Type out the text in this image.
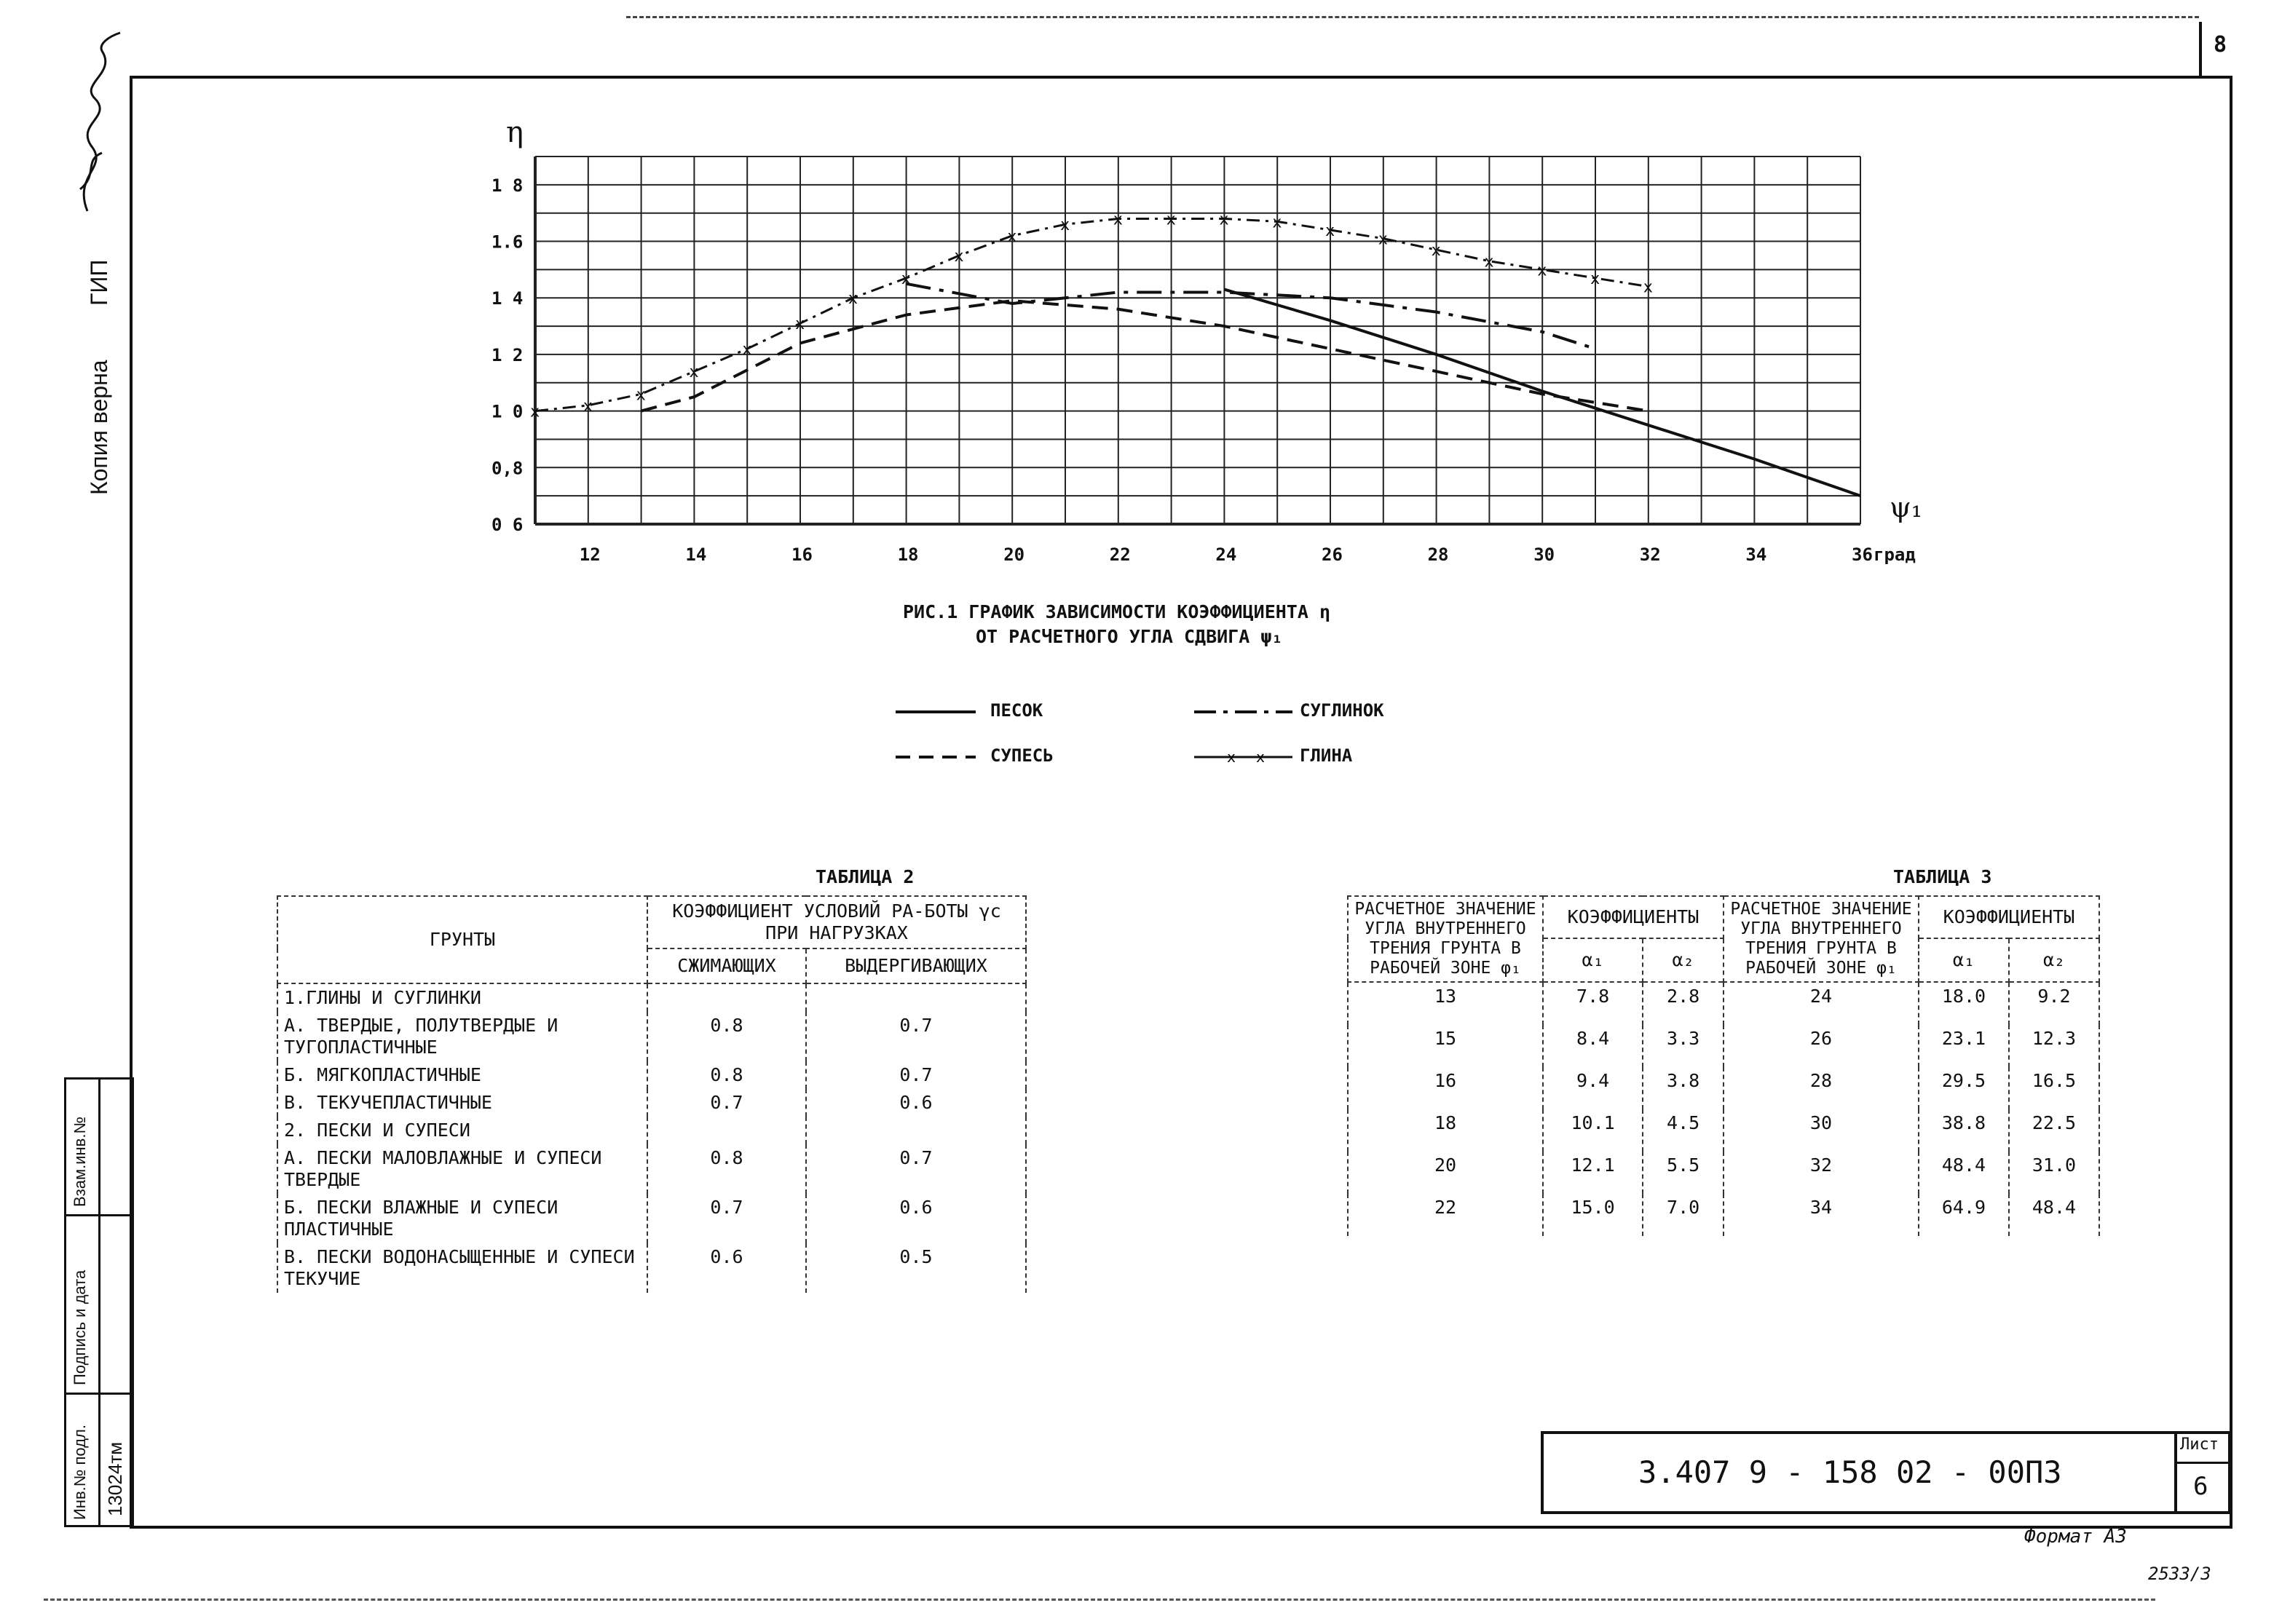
8
Копия верна
ГИП
Инв.№ подл.
Подпись и дата
Взам.инв.№
13024тм
0 6
0,8
1 0
1 2
1 4
1.6
1 8
12	14	16	18	20	22	24	26	28	30	32	34	36 град
η
ψ₁
x	x
x
x
x
x
x
x
x
x
x	x	x	x	x	x	x
x
x	x	x	x
РИС.1 ГРАФИК ЗАВИСИМОСТИ КОЭФФИЦИЕНТА η
ОТ РАСЧЕТНОГО УГЛА СДВИГА ψ₁
ПЕСОК
СУПЕСЬ
СУГЛИНОК
x x ГЛИНА
ТАБЛИЦА 2
ГРУНТЫ	КОЭФФИЦИЕНТ УСЛОВИЙ РА-БОТЫ γc ПРИ НАГРУЗКАХ	
	СЖИМАЮЩИХ	ВЫДЕРГИВАЮЩИХ
1.ГЛИНЫ И СУГЛИНКИ		
А. ТВЕРДЫЕ, ПОЛУТВЕРДЫЕ И ТУГОПЛАСТИЧНЫЕ	0.8	0.7
Б. МЯГКОПЛАСТИЧНЫЕ	0.8	0.7
В. ТЕКУЧЕПЛАСТИЧНЫЕ	0.7	0.6
2. ПЕСКИ И СУПЕСИ		
А. ПЕСКИ МАЛОВЛАЖНЫЕ И СУПЕСИ ТВЕРДЫЕ	0.8	0.7
Б. ПЕСКИ ВЛАЖНЫЕ И СУПЕСИ ПЛАСТИЧНЫЕ	0.7	0.6
В. ПЕСКИ ВОДОНАСЫЩЕННЫЕ И СУПЕСИ ТЕКУЧИЕ	0.6	0.5
ТАБЛИЦА 3
РАСЧЕТНОЕ ЗНАЧЕНИЕ УГЛА ВНУТРЕННЕГО ТРЕНИЯ ГРУНТА В РАБОЧЕЙ ЗОНЕ φ₁	КОЭФФИЦИЕНТЫ		РАСЧЕТНОЕ ЗНАЧЕНИЕ УГЛА ВНУТРЕННЕГО ТРЕНИЯ ГРУНТА В РАБОЧЕЙ ЗОНЕ φ₁	КОЭФФИЦИЕНТЫ	
	α₁	α₂		α₁	α₂
13	7.8	2.8	24	18.0	9.2
15	8.4	3.3	26	23.1	12.3
16	9.4	3.8	28	29.5	16.5
18	10.1	4.5	30	38.8	22.5
20	12.1	5.5	32	48.4	31.0
22	15.0	7.0	34	64.9	48.4
3.407 9 - 158 02 - 00ПЗ
Лист
6
Формат А3
2533/3
